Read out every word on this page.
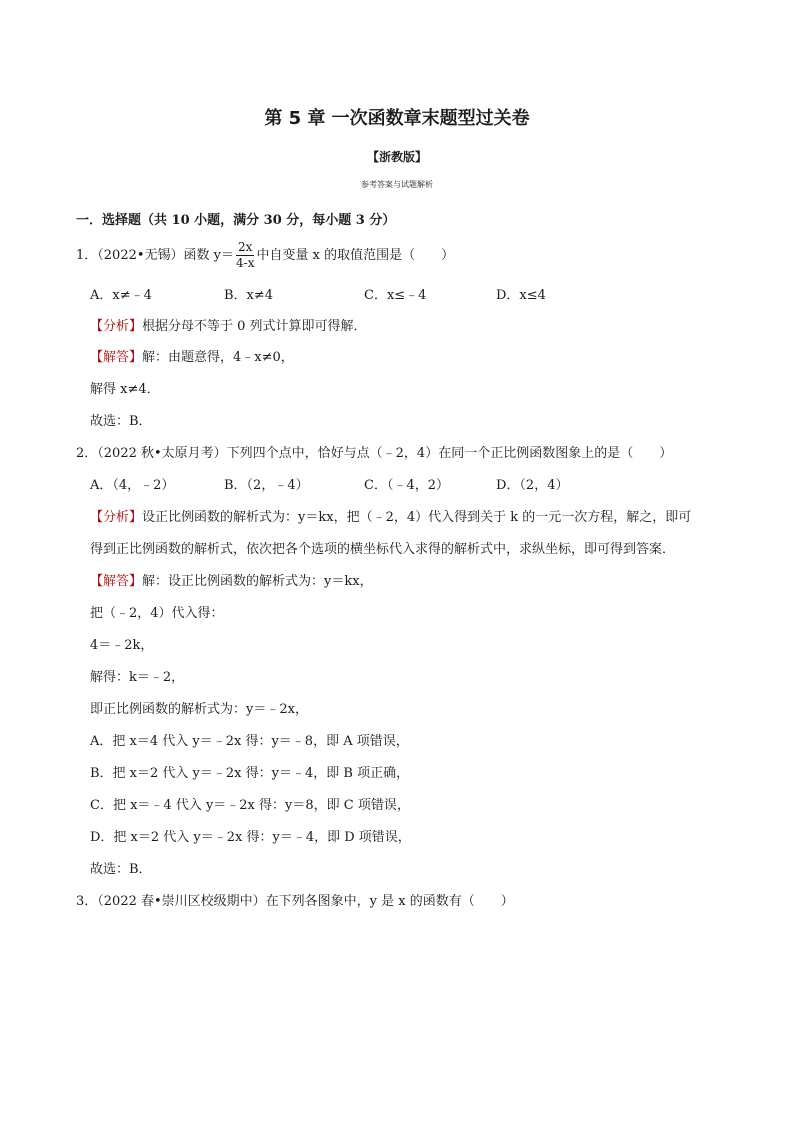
第 5 章 一次函数章末题型过关卷
【浙教版】
参考答案与试题解析
一．选择题（共 10 小题，满分 30 分，每小题 3 分）
1．（2022•无锡）函数 $y= \frac{2x}{4-x}$ 中自变量 x 的取值范围是（　　）
A．x≠﹣4	B．x≠4	C．x≤﹣4	D．x≤4
【分析】根据分母不等于 0 列式计算即可得解．
【解答】解：由题意得，4﹣x≠0，
解得 x≠4．
故选：B．
2．（2022 秋•太原月考）下列四个点中，恰好与点（﹣2，4）在同一个正比例函数图象上的是（　　）
A．（4，﹣2）	B．（2，﹣4）	C．（﹣4，2）	D．（2，4）
【分析】设正比例函数的解析式为：y＝kx，把（﹣2，4）代入得到关于 k 的一元一次方程，解之，即可
得到正比例函数的解析式，依次把各个选项的横坐标代入求得的解析式中，求纵坐标，即可得到答案．
【解答】解：设正比例函数的解析式为：y＝kx，
把（﹣2，4）代入得：
4＝﹣2k，
解得：k＝﹣2，
即正比例函数的解析式为：y＝﹣2x，
A．把 x＝4 代入 y＝﹣2x 得：y＝﹣8，即 A 项错误，
B．把 x＝2 代入 y＝﹣2x 得：y＝﹣4，即 B 项正确，
C．把 x＝﹣4 代入 y＝﹣2x 得：y＝8，即 C 项错误，
D．把 x＝2 代入 y＝﹣2x 得：y＝﹣4，即 D 项错误，
故选：B．
3．（2022 春•崇川区校级期中）在下列各图象中，y 是 x 的函数有（　　）
